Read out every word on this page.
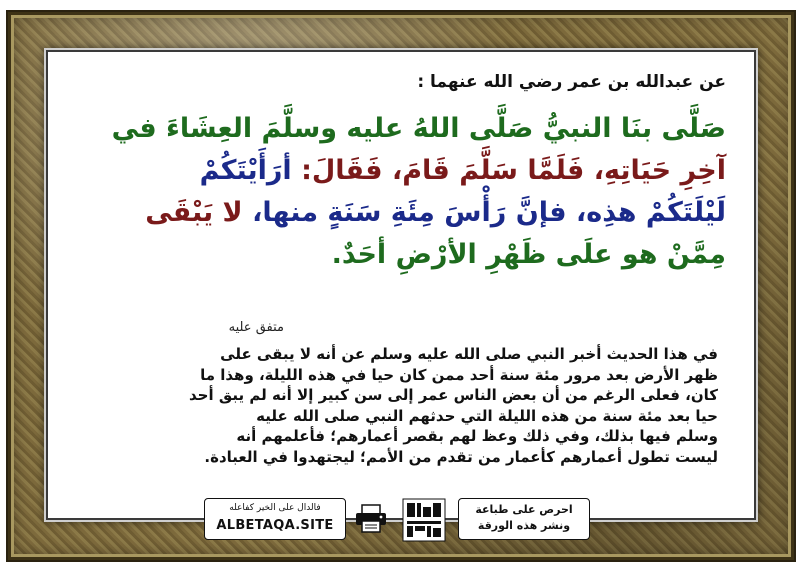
عن عبدالله بن عمر رضي الله عنهما :
صَلَّى بنَا النبيُّ صَلَّى اللهُ عليه وسلَّمَ العِشَاءَ في
آخِرِ حَيَاتِهِ، فَلَمَّا سَلَّمَ قَامَ، فَقَالَ: أرَأَيْتَكُمْ
لَيْلَتَكُمْ هذِه، فإنَّ رَأْسَ مِئَةِ سَنَةٍ منها، لا يَبْقَى
مِمَّنْ هو علَى ظَهْرِ الأرْضِ أحَدٌ.
متفق عليه
في هذا الحديث أخبر النبي صلى الله عليه وسلم عن أنه لا يبقى على
ظهر الأرض بعد مرور مئة سنة أحد ممن كان حيا في هذه الليلة، وهذا ما
كان، فعلى الرغم من أن بعض الناس عمر إلى سن كبير إلا أنه لم يبق أحد
حيا بعد مئة سنة من هذه الليلة التي حدثهم النبي صلى الله عليه
وسلم فيها بذلك، وفي ذلك وعظ لهم بقصر أعمارهم؛ فأعلمهم أنه
ليست تطول أعمارهم كأعمار من تقدم من الأمم؛ ليجتهدوا في العبادة.
فالدال على الخير كفاعله
ALBETAQA.SITE
احرص على طباعة
ونشر هذه الورقة
